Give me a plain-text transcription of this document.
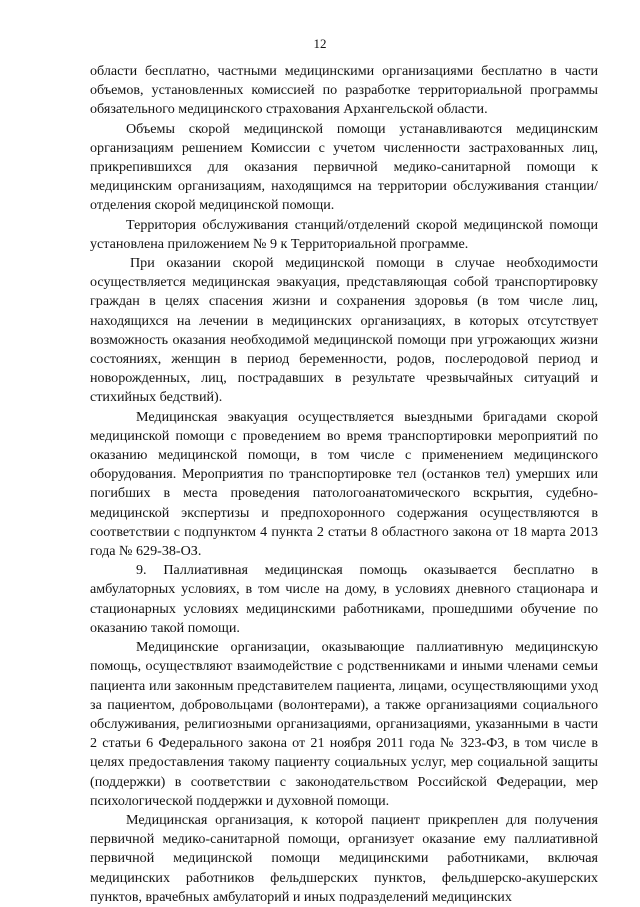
12

области бесплатно, частными медицинскими организациями бесплатно в части объемов, установленных комиссией по разработке территориальной программы обязательного медицинского страхования Архангельской области.

Объемы скорой медицинской помощи устанавливаются медицинским организациям решением Комиссии с учетом численности застрахованных лиц, прикрепившихся для оказания первичной медико-санитарной помощи к медицинским организациям, находящимся на территории обслуживания станции/отделения скорой медицинской помощи.

Территория обслуживания станций/отделений скорой медицинской помощи установлена приложением № 9 к Территориальной программе.

При оказании скорой медицинской помощи в случае необходимости осуществляется медицинская эвакуация, представляющая собой транспортировку граждан в целях спасения жизни и сохранения здоровья (в том числе лиц, находящихся на лечении в медицинских организациях, в которых отсутствует возможность оказания необходимой медицинской помощи при угрожающих жизни состояниях, женщин в период беременности, родов, послеродовой период и новорожденных, лиц, пострадавших в результате чрезвычайных ситуаций и стихийных бедствий).

Медицинская эвакуация осуществляется выездными бригадами скорой медицинской помощи с проведением во время транспортировки мероприятий по оказанию медицинской помощи, в том числе с применением медицинского оборудования. Мероприятия по транспортировке тел (останков тел) умерших или погибших в места проведения патологоанатомического вскрытия, судебно-медицинской экспертизы и предпохоронного содержания осуществляются в соответствии с подпунктом 4 пункта 2 статьи 8 областного закона от 18 марта 2013 года № 629-38-ОЗ.

9. Паллиативная медицинская помощь оказывается бесплатно в амбулаторных условиях, в том числе на дому, в условиях дневного стационара и стационарных условиях медицинскими работниками, прошедшими обучение по оказанию такой помощи.

Медицинские организации, оказывающие паллиативную медицинскую помощь, осуществляют взаимодействие с родственниками и иными членами семьи пациента или законным представителем пациента, лицами, осуществляющими уход за пациентом, добровольцами (волонтерами), а также организациями социального обслуживания, религиозными организациями, организациями, указанными в части 2 статьи 6 Федерального закона от 21 ноября 2011 года № 323-ФЗ, в том числе в целях предоставления такому пациенту социальных услуг, мер социальной защиты (поддержки) в соответствии с законодательством Российской Федерации, мер психологической поддержки и духовной помощи.

Медицинская организация, к которой пациент прикреплен для получения первичной медико-санитарной помощи, организует оказание ему паллиативной первичной медицинской помощи медицинскими работниками, включая медицинских работников фельдшерских пунктов, фельдшерско-акушерских пунктов, врачебных амбулаторий и иных подразделений медицинских
